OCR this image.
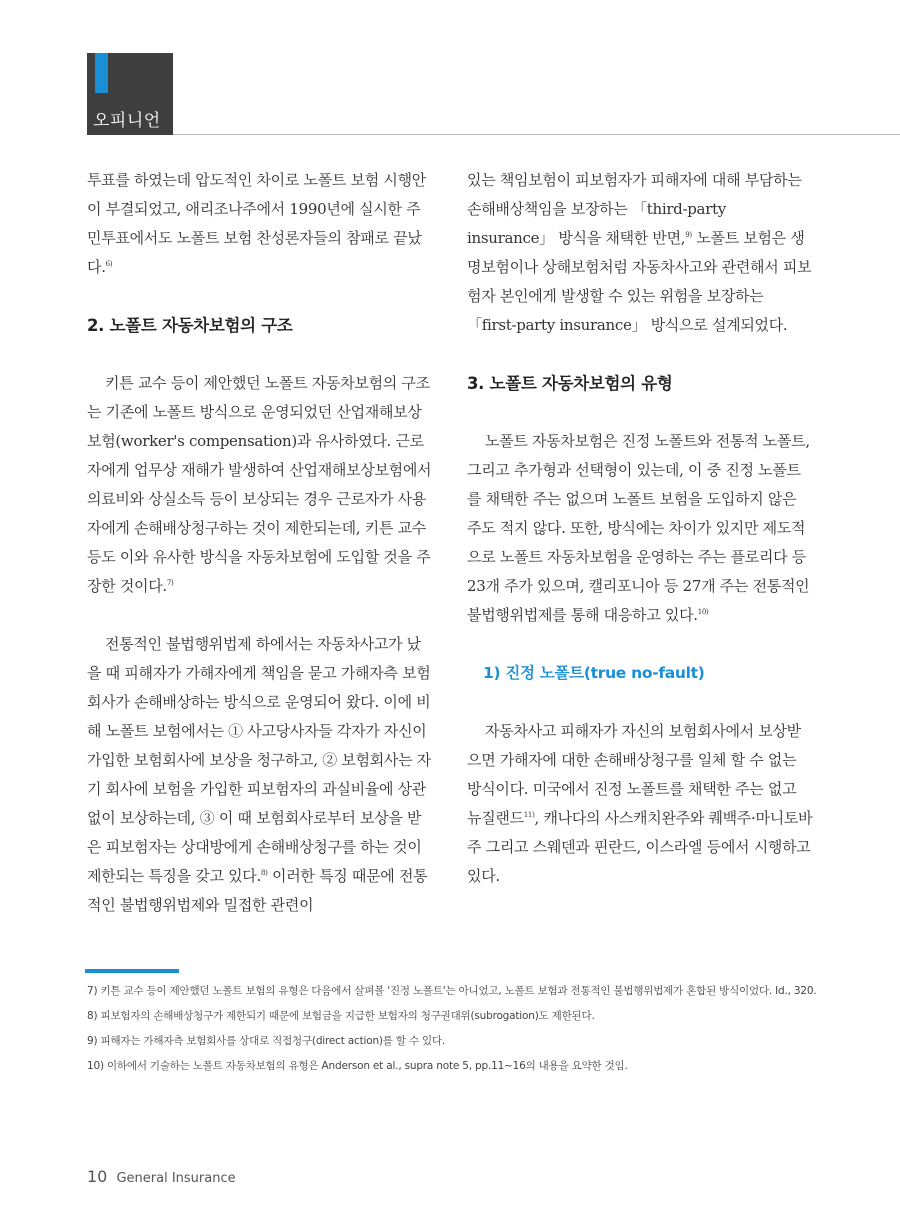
오피니언

투표를 하였는데 압도적인 차이로 노폴트 보험 시행안이 부결되었고, 애리조나주에서 1990년에 실시한 주민투표에서도 노폴트 보험 찬성론자들의 참패로 끝났다.$^{6)}$

2. 노폴트 자동차보험의 구조

키튼 교수 등이 제안했던 노폴트 자동차보험의 구조는 기존에 노폴트 방식으로 운영되었던 산업재해보상보험(worker's compensation)과 유사하였다. 근로자에게 업무상 재해가 발생하여 산업재해보상보험에서 의료비와 상실소득 등이 보상되는 경우 근로자가 사용자에게 손해배상청구하는 것이 제한되는데, 키튼 교수 등도 이와 유사한 방식을 자동차보험에 도입할 것을 주장한 것이다.$^{7)}$

전통적인 불법행위법제 하에서는 자동차사고가 났을 때 피해자가 가해자에게 책임을 묻고 가해자측 보험회사가 손해배상하는 방식으로 운영되어 왔다. 이에 비해 노폴트 보험에서는 ① 사고당사자들 각자가 자신이 가입한 보험회사에 보상을 청구하고, ② 보험회사는 자기 회사에 보험을 가입한 피보험자의 과실비율에 상관없이 보상하는데, ③ 이 때 보험회사로부터 보상을 받은 피보험자는 상대방에게 손해배상청구를 하는 것이 제한되는 특징을 갖고 있다.$^{8)}$ 이러한 특징 때문에 전통적인 불법행위법제와 밀접한 관련이

있는 책임보험이 피보험자가 피해자에 대해 부담하는 손해배상책임을 보장하는 「third-party insurance」 방식을 채택한 반면,$^{9)}$ 노폴트 보험은 생명보험이나 상해보험처럼 자동차사고와 관련해서 피보험자 본인에게 발생할 수 있는 위험을 보장하는 「first-party insurance」 방식으로 설계되었다.

3. 노폴트 자동차보험의 유형

노폴트 자동차보험은 진정 노폴트와 전통적 노폴트, 그리고 추가형과 선택형이 있는데, 이 중 진정 노폴트를 채택한 주는 없으며 노폴트 보험을 도입하지 않은 주도 적지 않다. 또한, 방식에는 차이가 있지만 제도적으로 노폴트 자동차보험을 운영하는 주는 플로리다 등 23개 주가 있으며, 캘리포니아 등 27개 주는 전통적인 불법행위법제를 통해 대응하고 있다.$^{10)}$

1) 진정 노폴트(true no-fault)

자동차사고 피해자가 자신의 보험회사에서 보상받으면 가해자에 대한 손해배상청구를 일체 할 수 없는 방식이다. 미국에서 진정 노폴트를 채택한 주는 없고 뉴질랜드$^{11)}$, 캐나다의 사스캐치완주와 퀘백주·마니토바주 그리고 스웨덴과 핀란드, 이스라엘 등에서 시행하고 있다.

7) 키튼 교수 등이 제안했던 노폴트 보험의 유형은 다음에서 살펴볼 '진정 노폴트'는 아니었고, 노폴트 보험과 전통적인 불법행위법제가 혼합된 방식이었다. Id., 320.
8) 피보험자의 손해배상청구가 제한되기 때문에 보험금을 지급한 보험자의 청구권대위(subrogation)도 제한된다.
9) 피해자는 가해자측 보험회사를 상대로 직접청구(direct action)를 할 수 있다.
10) 이하에서 기술하는 노폴트 자동차보험의 유형은 Anderson et al., supra note 5, pp.11~16의 내용을 요약한 것임.
10 General Insurance
